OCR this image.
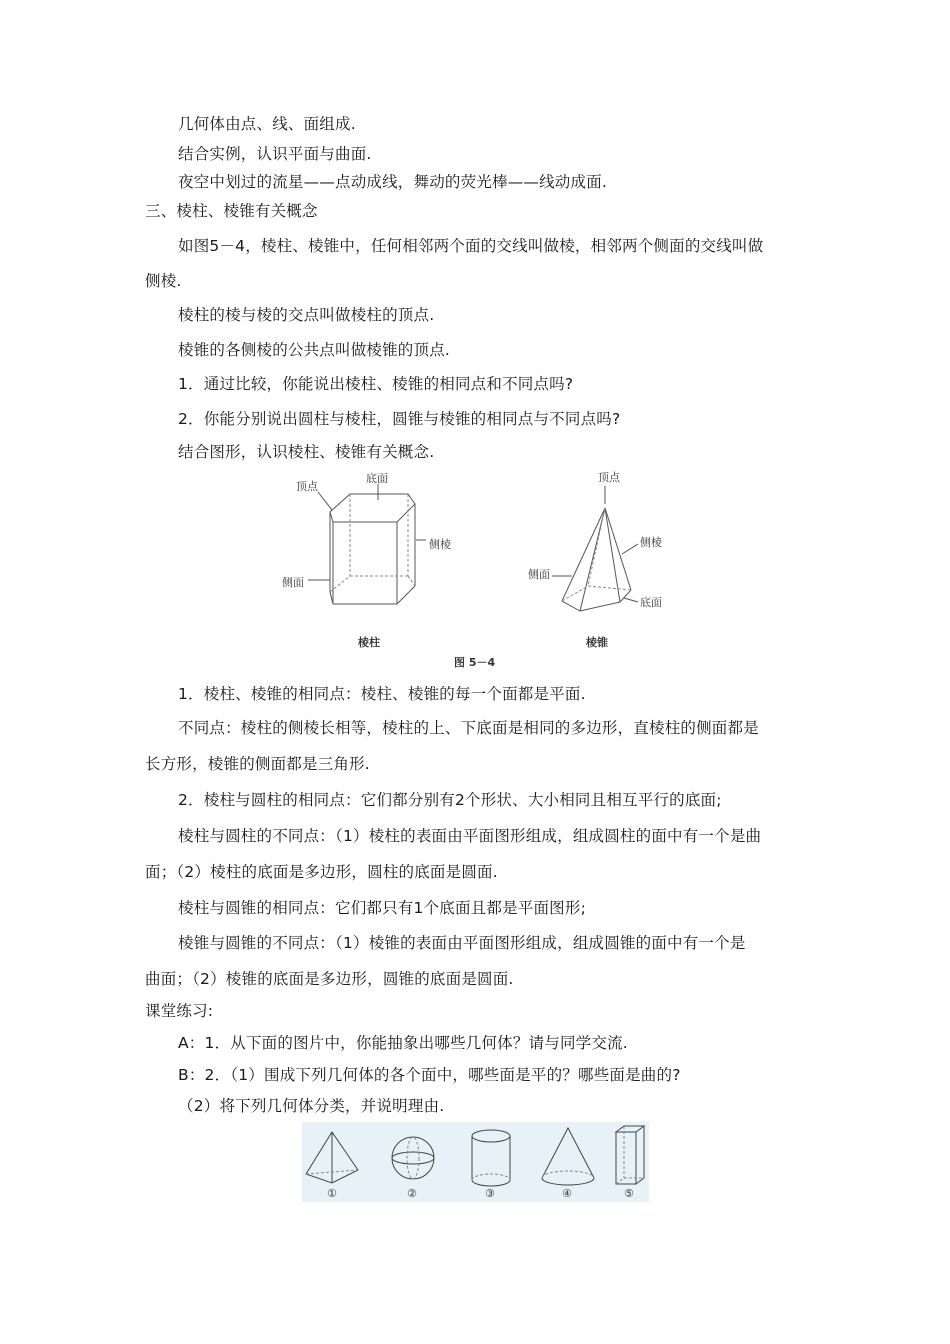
几何体由点、线、面组成.
结合实例，认识平面与曲面.
夜空中划过的流星——点动成线，舞动的荧光棒——线动成面.
三、棱柱、棱锥有关概念
如图5－4，棱柱、棱锥中，任何相邻两个面的交线叫做棱，相邻两个侧面的交线叫做
侧棱.
棱柱的棱与棱的交点叫做棱柱的顶点.
棱锥的各侧棱的公共点叫做棱锥的顶点.
1．通过比较，你能说出棱柱、棱锥的相同点和不同点吗?
2．你能分别说出圆柱与棱柱，圆锥与棱锥的相同点与不同点吗?
结合图形，认识棱柱、棱锥有关概念.
顶点
底面
侧棱
侧面
棱柱
顶点
侧棱
侧面
底面
棱锥
图 5－4
1．棱柱、棱锥的相同点：棱柱、棱锥的每一个面都是平面.
不同点：棱柱的侧棱长相等，棱柱的上、下底面是相同的多边形，直棱柱的侧面都是
长方形，棱锥的侧面都是三角形.
2．棱柱与圆柱的相同点：它们都分别有2个形状、大小相同且相互平行的底面;
棱柱与圆柱的不同点：（1）棱柱的表面由平面图形组成，组成圆柱的面中有一个是曲
面；（2）棱柱的底面是多边形，圆柱的底面是圆面.
棱柱与圆锥的相同点：它们都只有1个底面且都是平面图形;
棱锥与圆锥的不同点：（1）棱锥的表面由平面图形组成，组成圆锥的面中有一个是
曲面；（2）棱锥的底面是多边形，圆锥的底面是圆面.
课堂练习:
A：1．从下面的图片中，你能抽象出哪些几何体？请与同学交流.
B：2．（1）围成下列几何体的各个面中，哪些面是平的？哪些面是曲的?
（2）将下列几何体分类，并说明理由.
①	②	③	④	⑤
